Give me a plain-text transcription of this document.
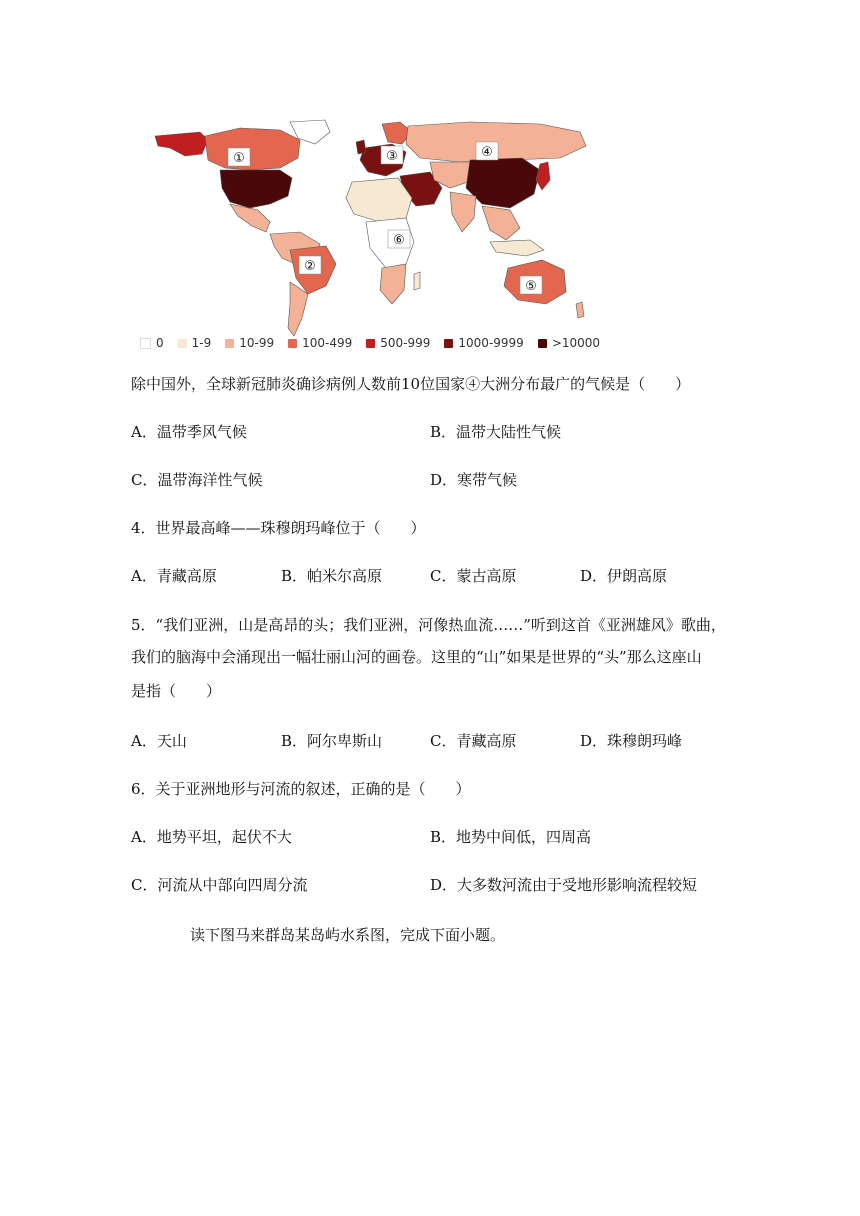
①
②
③	④
⑤
⑥
0 1-9 10-99 100-499 500-999 1000-9999 >10000
除中国外，全球新冠肺炎确诊病例人数前10位国家④大洲分布最广的气候是（　　）
A．温带季风气候	B．温带大陆性气候
C．温带海洋性气候	D．寒带气候
4．世界最高峰——珠穆朗玛峰位于（　　）
A．青藏高原	B．帕米尔高原	C．蒙古高原	D．伊朗高原
5．“我们亚洲，山是高昂的头；我们亚洲，河像热血流……”听到这首《亚洲雄风》歌曲，
我们的脑海中会涌现出一幅壮丽山河的画卷。这里的“山”如果是世界的“头”那么这座山
是指（　　）
A．天山	B．阿尔卑斯山	C．青藏高原	D．珠穆朗玛峰
6．关于亚洲地形与河流的叙述，正确的是（　　）
A．地势平坦，起伏不大	B．地势中间低，四周高
C．河流从中部向四周分流	D．大多数河流由于受地形影响流程较短
读下图马来群岛某岛屿水系图，完成下面小题。
